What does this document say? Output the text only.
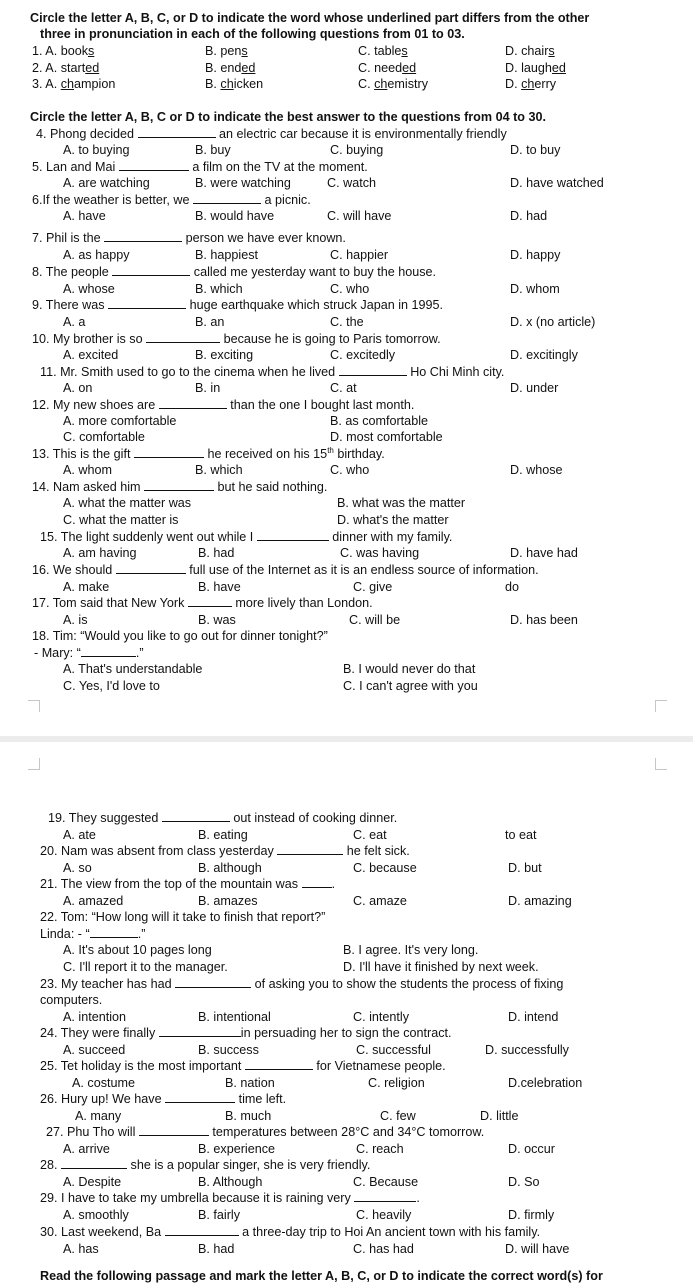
Circle the letter A, B, C, or D to indicate the word whose underlined part differs from the other
three in pronunciation in each of the following questions from 01 to 03.
1. A. books	B. pens	C. tables	D. chairs
2. A. started	B. ended	C. needed	D. laughed
3. A. champion	B. chicken	C. chemistry	D. cherry
Circle the letter A, B, C or D to indicate the best answer to the questions from 04 to 30.
4. Phong decided	an electric car because it is environmentally friendly
A. to buying	B. buy	C. buying	D. to buy
5. Lan and Mai	a film on the TV at the moment.
A. are watching	B. were watching	C. watch	D. have watched
6.If the weather is better, we	a picnic.
A. have	B. would have	C. will have	D. had
7. Phil is the	person we have ever known.
A. as happy	B. happiest	C. happier	D. happy
8. The people	called me yesterday want to buy the house.
A. whose	B. which	C. who	D. whom
9. There was	huge earthquake which struck Japan in 1995.
A. a	B. an	C. the	D. x (no article)
10. My brother is so	because he is going to Paris tomorrow.
A. excited	B. exciting	C. excitedly	D. excitingly
11. Mr. Smith used to go to the cinema when he lived	Ho Chi Minh city.
A. on	B. in	C. at	D. under
12. My new shoes are	than the one I bought last month.
A. more comfortable	B. as comfortable
C. comfortable	D. most comfortable
13. This is the gift	he received on his 15th birthday.
A. whom	B. which	C. who	D. whose
14. Nam asked him	but he said nothing.
A. what the matter was	B. what was the matter
C. what the matter is	D. what's the matter
15. The light suddenly went out while I	dinner with my family.
A. am having	B. had	C. was having	D. have had
16. We should	full use of the Internet as it is an endless source of information.
A. make	B. have	C. give	do
17. Tom said that New York	more lively than London.
A. is	B. was	C. will be	D. has been
18. Tim: “Would you like to go out for dinner tonight?”
- Mary: “	.”
A. That's understandable	B. I would never do that
C. Yes, I'd love to	C. I can't agree with you
19. They suggested	out instead of cooking dinner.
A. ate	B. eating	C. eat	to eat
20. Nam was absent from class yesterday	he felt sick.
A. so	B. although	C. because	D. but
21. The view from the top of the mountain was	.
A. amazed	B. amazes	C. amaze	D. amazing
22. Tom: “How long will it take to finish that report?”
Linda: - “	.”
A. It's about 10 pages long	B. I agree. It's very long.
C. I'll report it to the manager.	D. I'll have it finished by next week.
23. My teacher has had	of asking you to show the students the process of fixing
computers.
A. intention	B. intentional	C. intently	D. intend
24. They were finally	in persuading her to sign the contract.
A. succeed	B. success	C. successful	D. successfully
25. Tet holiday is the most important	for Vietnamese people.
A. costume	B. nation	C. religion	D.celebration
26. Hury up! We have	time left.
A. many	B. much	C. few	D. little
27. Phu Tho will	temperatures between 28°C and 34°C tomorrow.
A. arrive	B. experience	C. reach	D. occur
28.	she is a popular singer, she is very friendly.
A. Despite	B. Although	C. Because	D. So
29. I have to take my umbrella because it is raining very	.
A. smoothly	B. fairly	C. heavily	D. firmly
30. Last weekend, Ba	a three-day trip to Hoi An ancient town with his family.
A. has	B. had	C. has had	D. will have
Read the following passage and mark the letter A, B, C, or D to indicate the correct word(s) for
